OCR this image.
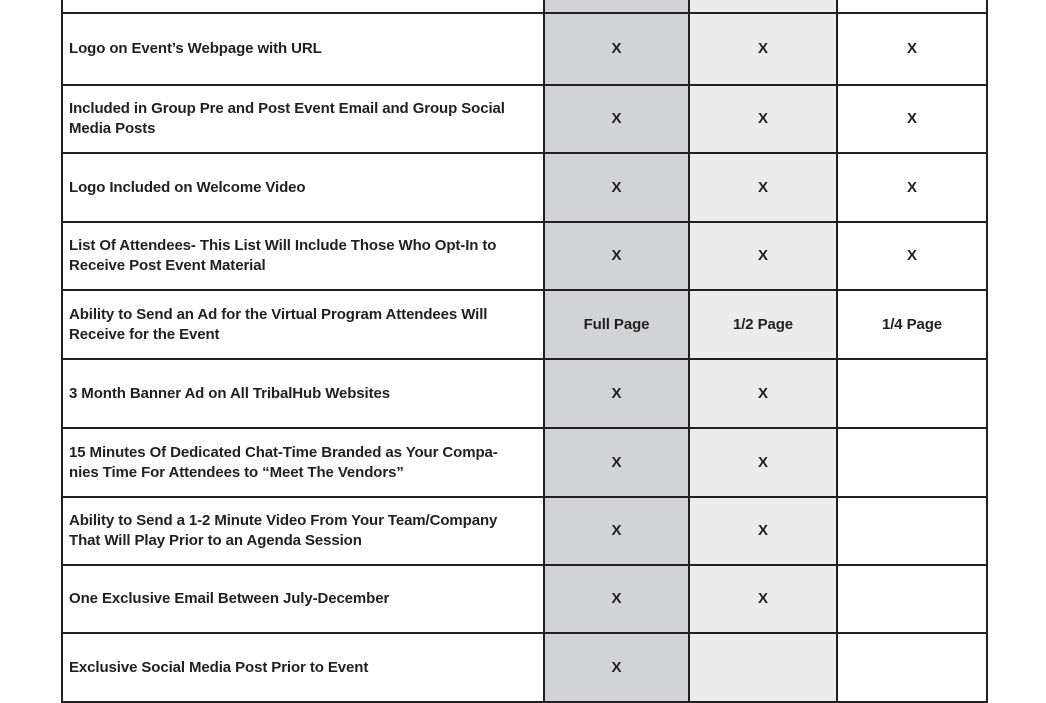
Logo on Event’s Webpage with URL	X	X	X
Included in Group Pre and Post Event Email and Group Social Media Posts	X	X	X
Logo Included on Welcome Video	X	X	X
List Of Attendees- This List Will Include Those Who Opt-In to Receive Post Event Material	X	X	X
Ability to Send an Ad for the Virtual Program Attendees Will Receive for the Event	Full Page	1/2 Page	1/4 Page
3 Month Banner Ad on All TribalHub Websites	X	X	
15 Minutes Of Dedicated Chat-Time Branded as Your Compa-nies Time For Attendees to “Meet The Vendors”	X	X	
Ability to Send a 1-2 Minute Video From Your Team/Company That Will Play Prior to an Agenda Session	X	X	
One Exclusive Email Between July-December	X	X	
Exclusive Social Media Post Prior to Event	X		
